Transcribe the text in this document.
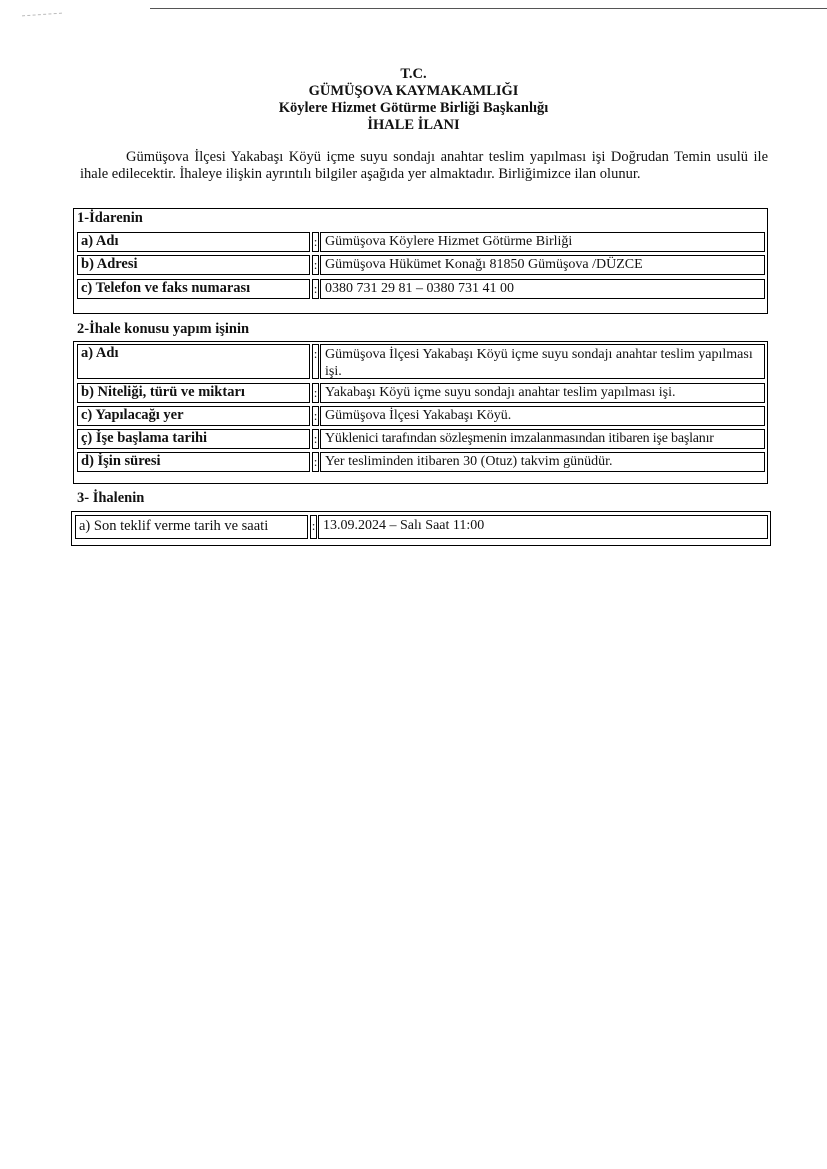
T.C.
GÜMÜŞOVA KAYMAKAMLIĞI
Köylere Hizmet Götürme Birliği Başkanlığı
İHALE İLANI

Gümüşova İlçesi Yakabaşı Köyü içme suyu sondajı anahtar teslim yapılması işi Doğrudan Temin usulü ile ihale edilecektir. İhaleye ilişkin ayrıntılı bilgiler aşağıda yer almaktadır. Birliğimizce ilan olunur.

1-İdarenin
a) Adı	: Gümüşova Köylere Hizmet Götürme Birliği
b) Adresi	: Gümüşova Hükümet Konağı 81850 Gümüşova /DÜZCE
c) Telefon ve faks numarası	: 0380 731 29 81 – 0380 731 41 00
2-İhale konusu yapım işinin
a) Adı	: Gümüşova İlçesi Yakabaşı Köyü içme suyu sondajı anahtar teslim yapılması işi.
b) Niteliği, türü ve miktarı	: Yakabaşı Köyü içme suyu sondajı anahtar teslim yapılması işi.
c) Yapılacağı yer	: Gümüşova İlçesi Yakabaşı Köyü.
ç) İşe başlama tarihi	: Yüklenici tarafından sözleşmenin imzalanmasından itibaren işe başlanır
d) İşin süresi	: Yer tesliminden itibaren 30 (Otuz) takvim günüdür.
3- İhalenin
a) Son teklif verme tarih ve saati	: 13.09.2024 – Salı Saat 11:00
